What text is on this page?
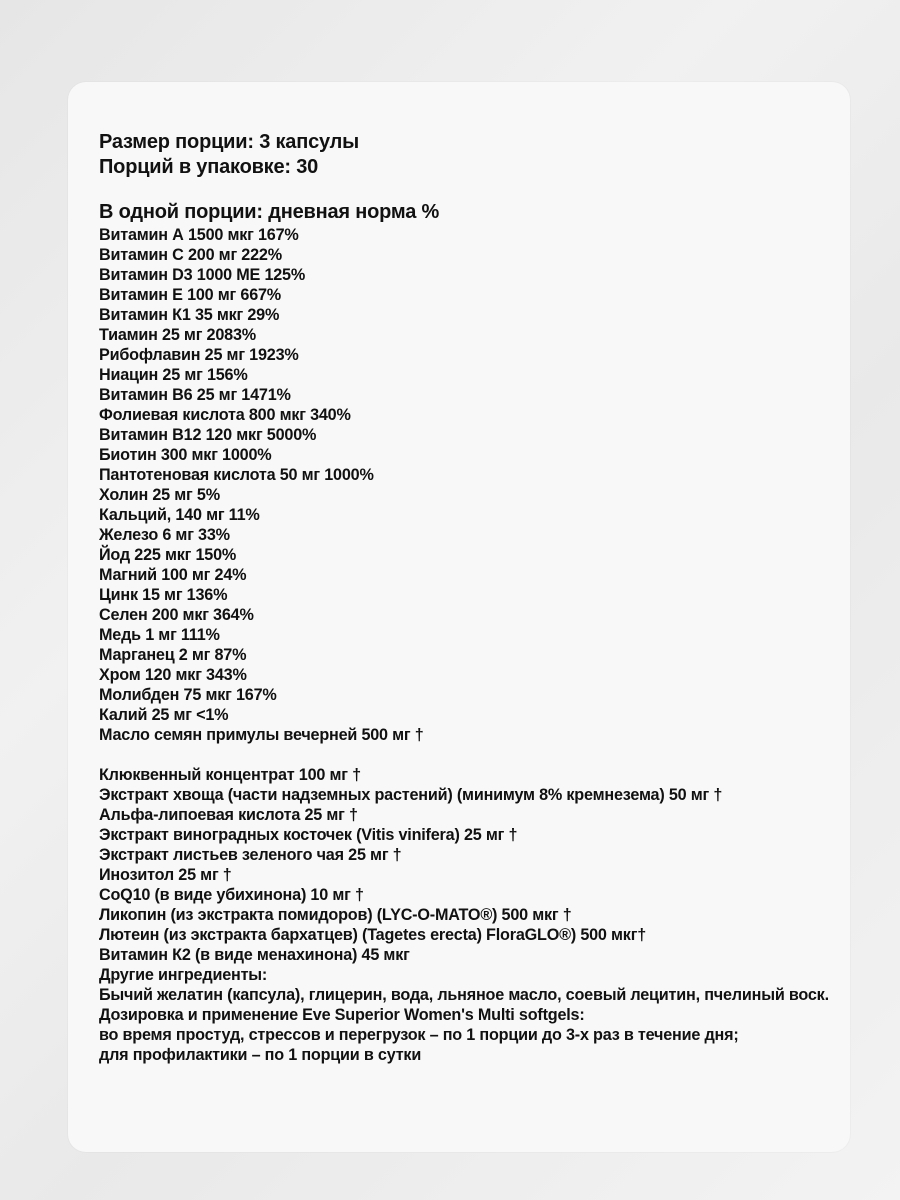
Размер порции: 3 капсулы
Порций в упаковке: 30
В одной порции: дневная норма %
Витамин А 1500 мкг 167%
Витамин С 200 мг 222%
Витамин D3 1000 МЕ 125%
Витамин Е 100 мг 667%
Витамин К1 35 мкг 29%
Тиамин 25 мг 2083%
Рибофлавин 25 мг 1923%
Ниацин 25 мг 156%
Витамин В6 25 мг 1471%
Фолиевая кислота 800 мкг 340%
Витамин В12 120 мкг 5000%
Биотин 300 мкг 1000%
Пантотеновая кислота 50 мг 1000%
Холин 25 мг 5%
Кальций, 140 мг 11%
Железо 6 мг 33%
Йод 225 мкг 150%
Магний 100 мг 24%
Цинк 15 мг 136%
Селен 200 мкг 364%
Медь 1 мг 111%
Марганец 2 мг 87%
Хром 120 мкг 343%
Молибден 75 мкг 167%
Калий 25 мг <1%
Масло семян примулы вечерней 500 мг †
Клюквенный концентрат 100 мг †
Экстракт хвоща (части надземных растений) (минимум 8% кремнезема) 50 мг †
Альфа-липоевая кислота 25 мг †
Экстракт виноградных косточек (Vitis vinifera) 25 мг †
Экстракт листьев зеленого чая 25 мг †
Инозитол 25 мг †
CoQ10 (в виде убихинона) 10 мг †
Ликопин (из экстракта помидоров) (LYC-O-MATO®) 500 мкг †
Лютеин (из экстракта бархатцев) (Tagetes erecta) FloraGLO®) 500 мкг†
Витамин К2 (в виде менахинона) 45 мкг
Другие ингредиенты:
Бычий желатин (капсула), глицерин, вода, льняное масло, соевый лецитин, пчелиный воск.
Дозировка и применение Eve Superior Women's Multi softgels:
во время простуд, стрессов и перегрузок – по 1 порции до 3-х раз в течение дня;
для профилактики – по 1 порции в сутки
